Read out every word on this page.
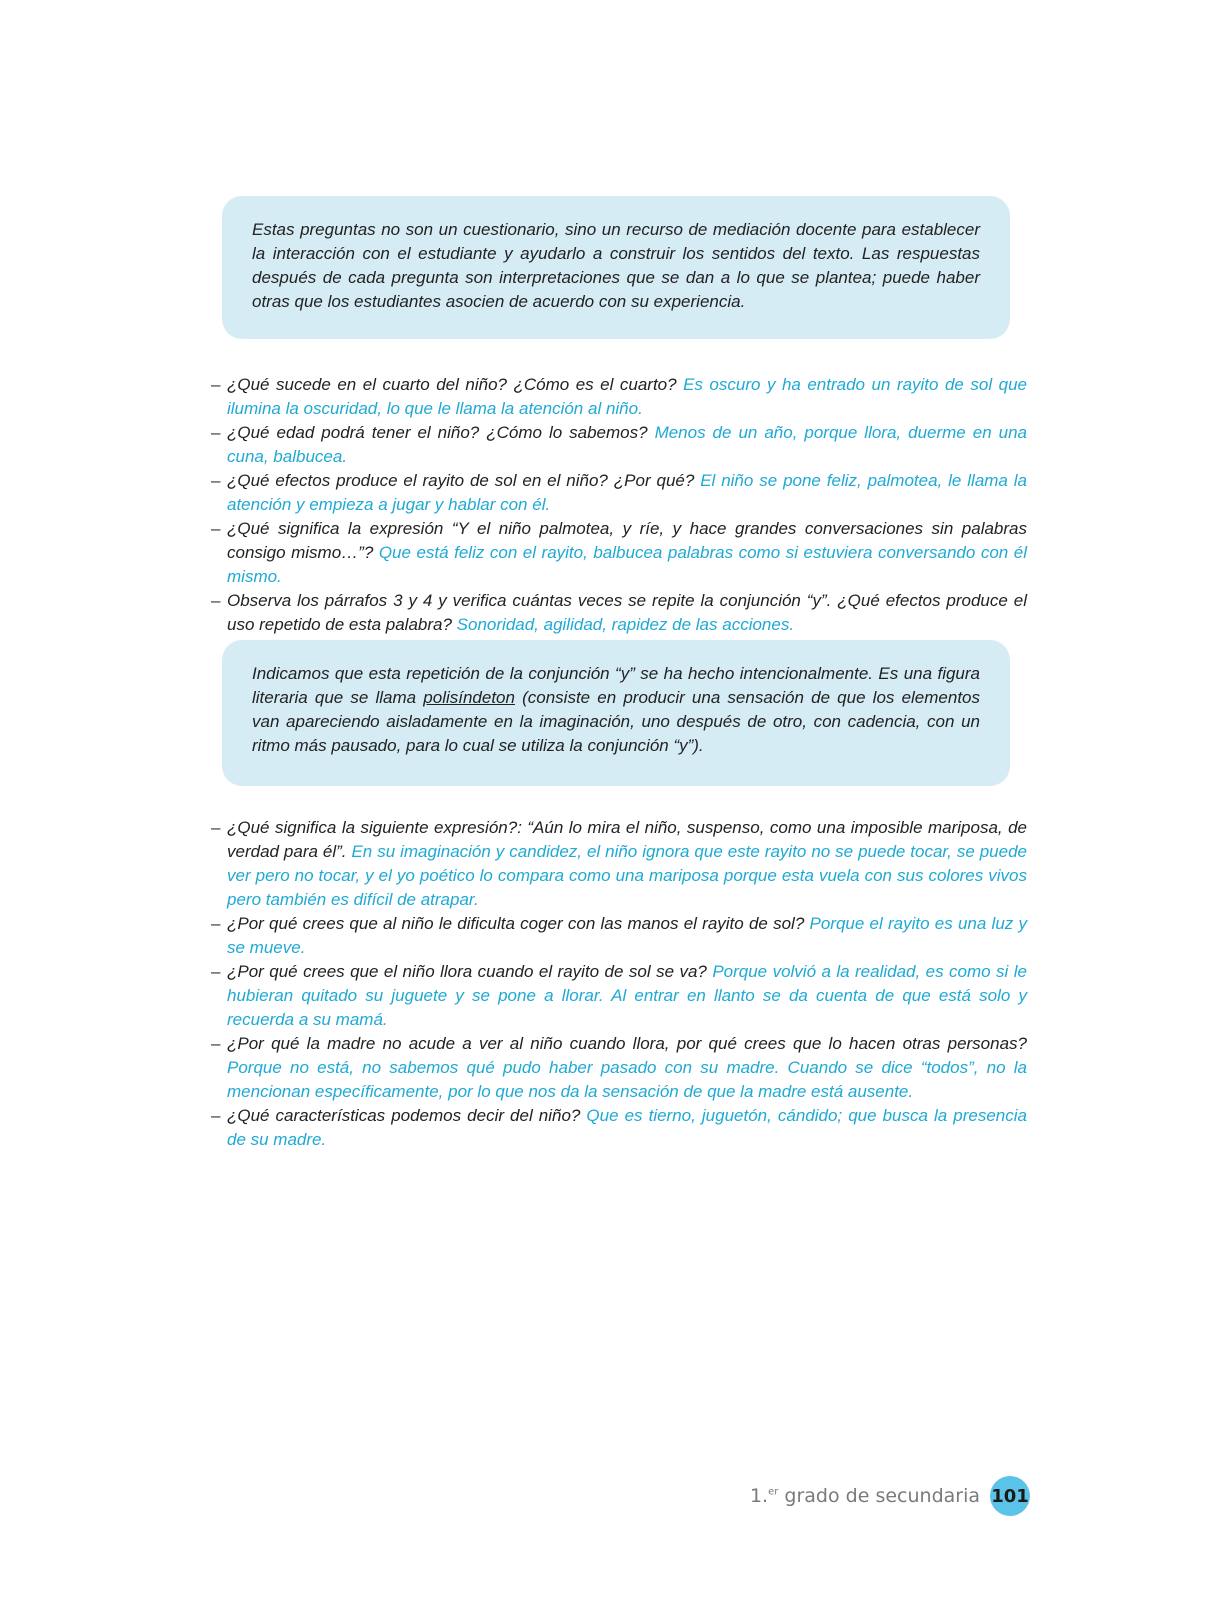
Estas preguntas no son un cuestionario, sino un recurso de mediación docente para establecer la interacción con el estudiante y ayudarlo a construir los sentidos del texto. Las respuestas después de cada pregunta son interpretaciones que se dan a lo que se plantea; puede haber otras que los estudiantes asocien de acuerdo con su experiencia.

– ¿Qué sucede en el cuarto del niño? ¿Cómo es el cuarto? Es oscuro y ha entrado un rayito de sol que ilumina la oscuridad, lo que le llama la atención al niño.
– ¿Qué edad podrá tener el niño? ¿Cómo lo sabemos? Menos de un año, porque llora, duerme en una cuna, balbucea.
– ¿Qué efectos produce el rayito de sol en el niño? ¿Por qué? El niño se pone feliz, palmotea, le llama la atención y empieza a jugar y hablar con él.
– ¿Qué significa la expresión “Y el niño palmotea, y ríe, y hace grandes conversaciones sin palabras consigo mismo…”? Que está feliz con el rayito, balbucea palabras como si estuviera conversando con él mismo.
– Observa los párrafos 3 y 4 y verifica cuántas veces se repite la conjunción “y”. ¿Qué efectos produce el uso repetido de esta palabra? Sonoridad, agilidad, rapidez de las acciones.

Indicamos que esta repetición de la conjunción “y” se ha hecho intencionalmente. Es una figura literaria que se llama polisíndeton (consiste en producir una sensación de que los elementos van apareciendo aisladamente en la imaginación, uno después de otro, con cadencia, con un ritmo más pausado, para lo cual se utiliza la conjunción “y”).

– ¿Qué significa la siguiente expresión?: “Aún lo mira el niño, suspenso, como una imposible mariposa, de verdad para él”. En su imaginación y candidez, el niño ignora que este rayito no se puede tocar, se puede ver pero no tocar, y el yo poético lo compara como una mariposa porque esta vuela con sus colores vivos pero también es difícil de atrapar.
– ¿Por qué crees que al niño le dificulta coger con las manos el rayito de sol? Porque el rayito es una luz y se mueve.
– ¿Por qué crees que el niño llora cuando el rayito de sol se va? Porque volvió a la realidad, es como si le hubieran quitado su juguete y se pone a llorar. Al entrar en llanto se da cuenta de que está solo y recuerda a su mamá.
– ¿Por qué la madre no acude a ver al niño cuando llora, por qué crees que lo hacen otras personas? Porque no está, no sabemos qué pudo haber pasado con su madre. Cuando se dice “todos”, no la mencionan específicamente, por lo que nos da la sensación de que la madre está ausente.
– ¿Qué características podemos decir del niño? Que es tierno, juguetón, cándido; que busca la presencia de su madre.
1.$^{er}$ grado de secundaria 101
